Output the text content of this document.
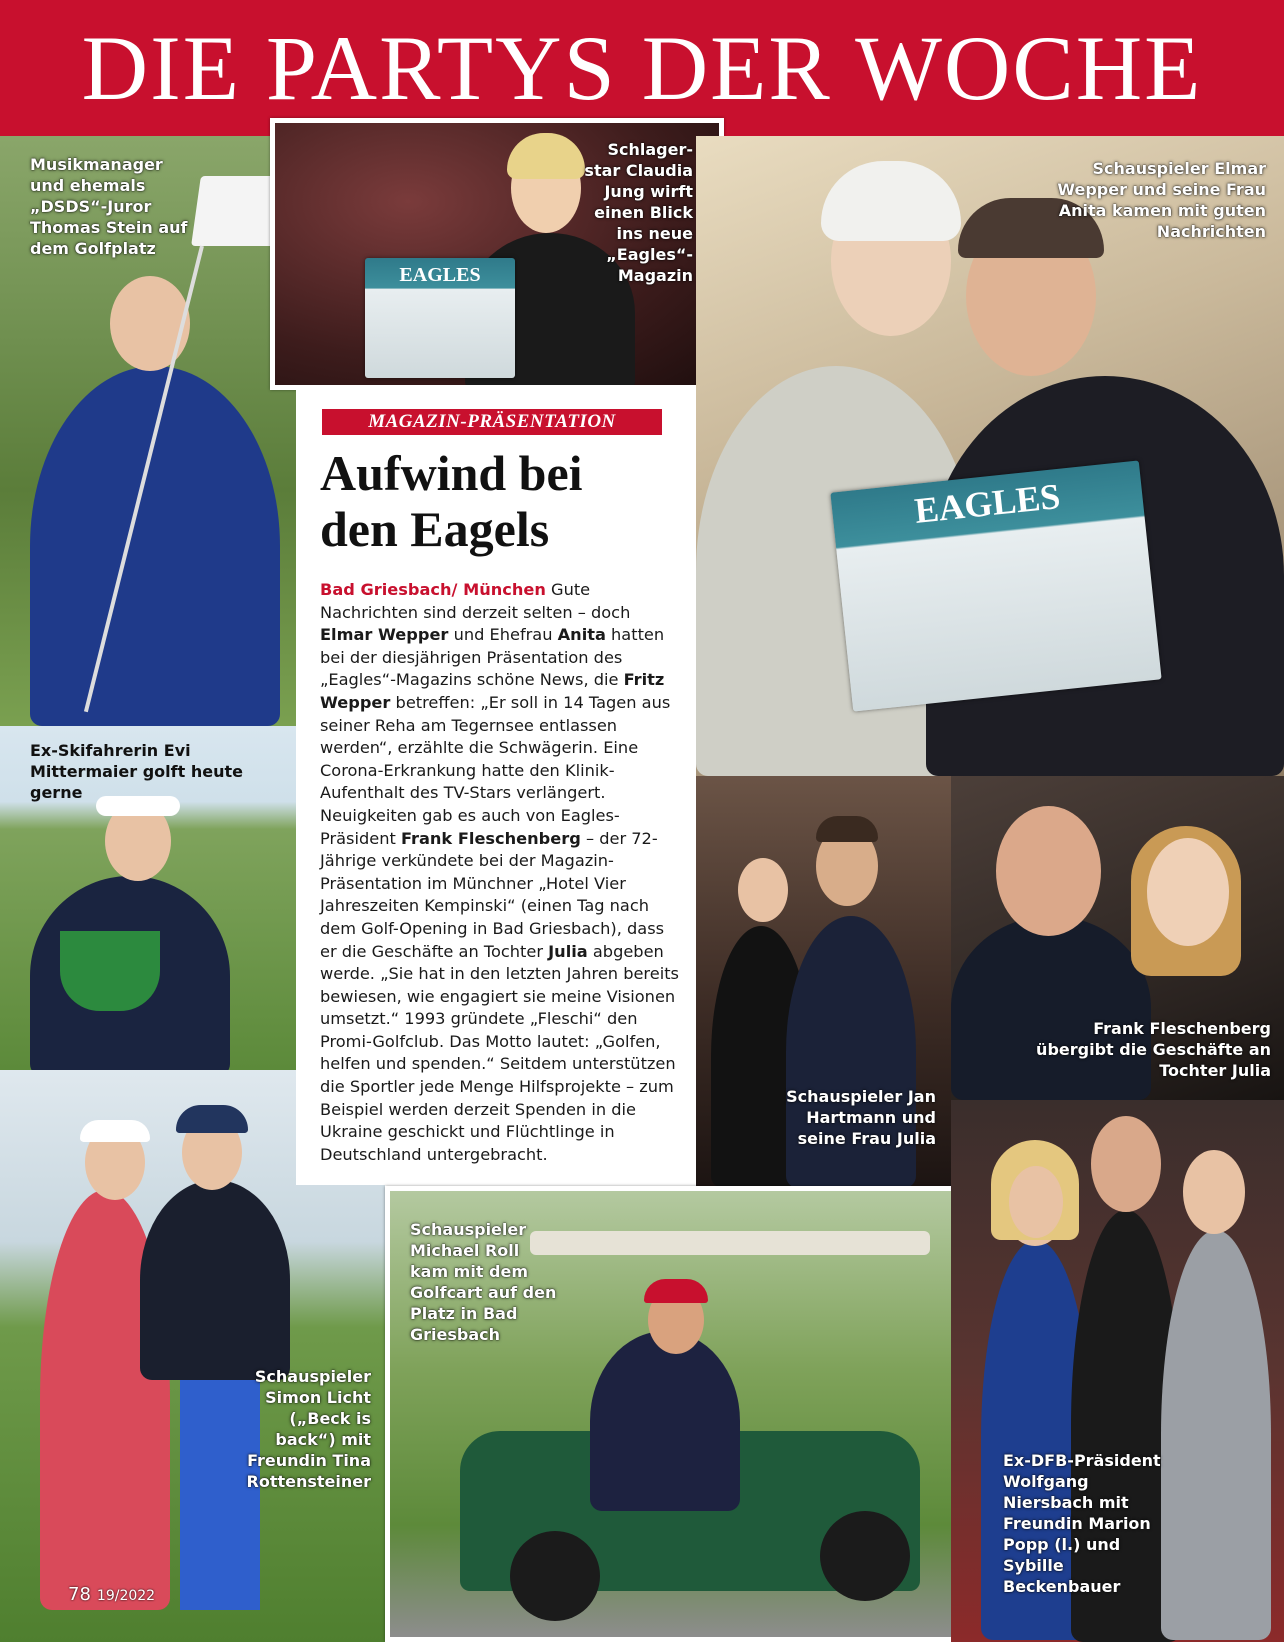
DIE PARTYS DER WOCHE
Musikmanager und ehemals „DSDS“-Juror Thomas Stein auf dem Golfplatz
EAGLES
Schlager-star Claudia Jung wirft einen Blick ins neue „Eagles“-Magazin
EAGLES
Schauspieler Elmar Wepper und seine Frau Anita kamen mit guten Nachrichten
Ex-Skifahrerin Evi Mittermaier golft heute gerne
Schauspieler Simon Licht („Beck is back“) mit Freundin Tina Rottensteiner
MAGAZIN-PRÄSENTATION
Aufwind bei
den Eagels
Bad Griesbach/ München Gute Nachrichten sind derzeit selten – doch Elmar Wepper und Ehefrau Anita hatten bei der diesjährigen Präsentation des „Eagles“-Magazins schöne News, die Fritz Wepper betreffen: „Er soll in 14 Tagen aus seiner Reha am Tegernsee entlassen werden“, erzählte die Schwägerin. Eine Corona-Erkrankung hatte den Klinik-Aufenthalt des TV-Stars verlängert. Neuigkeiten gab es auch von Eagles-Präsident Frank Fleschenberg – der 72-Jährige verkündete bei der Magazin-Präsentation im Münchner „Hotel Vier Jahreszeiten Kempinski“ (einen Tag nach dem Golf-Opening in Bad Griesbach), dass er die Geschäfte an Tochter Julia abgeben werde. „Sie hat in den letzten Jahren bereits bewiesen, wie engagiert sie meine Visionen umsetzt.“ 1993 gründete „Fleschi“ den Promi-Golfclub. Das Motto lautet: „Golfen, helfen und spenden.“ Seitdem unterstützen die Sportler jede Menge Hilfsprojekte – zum Beispiel werden derzeit Spenden in die Ukraine geschickt und Flüchtlinge in Deutschland untergebracht.
Schauspieler Jan Hartmann und seine Frau Julia
Frank Fleschenberg übergibt die Geschäfte an Tochter Julia
Schauspieler Michael Roll kam mit dem Golfcart auf den Platz in Bad Griesbach
Ex-DFB-Präsident Wolfgang Niersbach mit Freundin Marion Popp (l.) und Sybille Beckenbauer
78 19/2022
